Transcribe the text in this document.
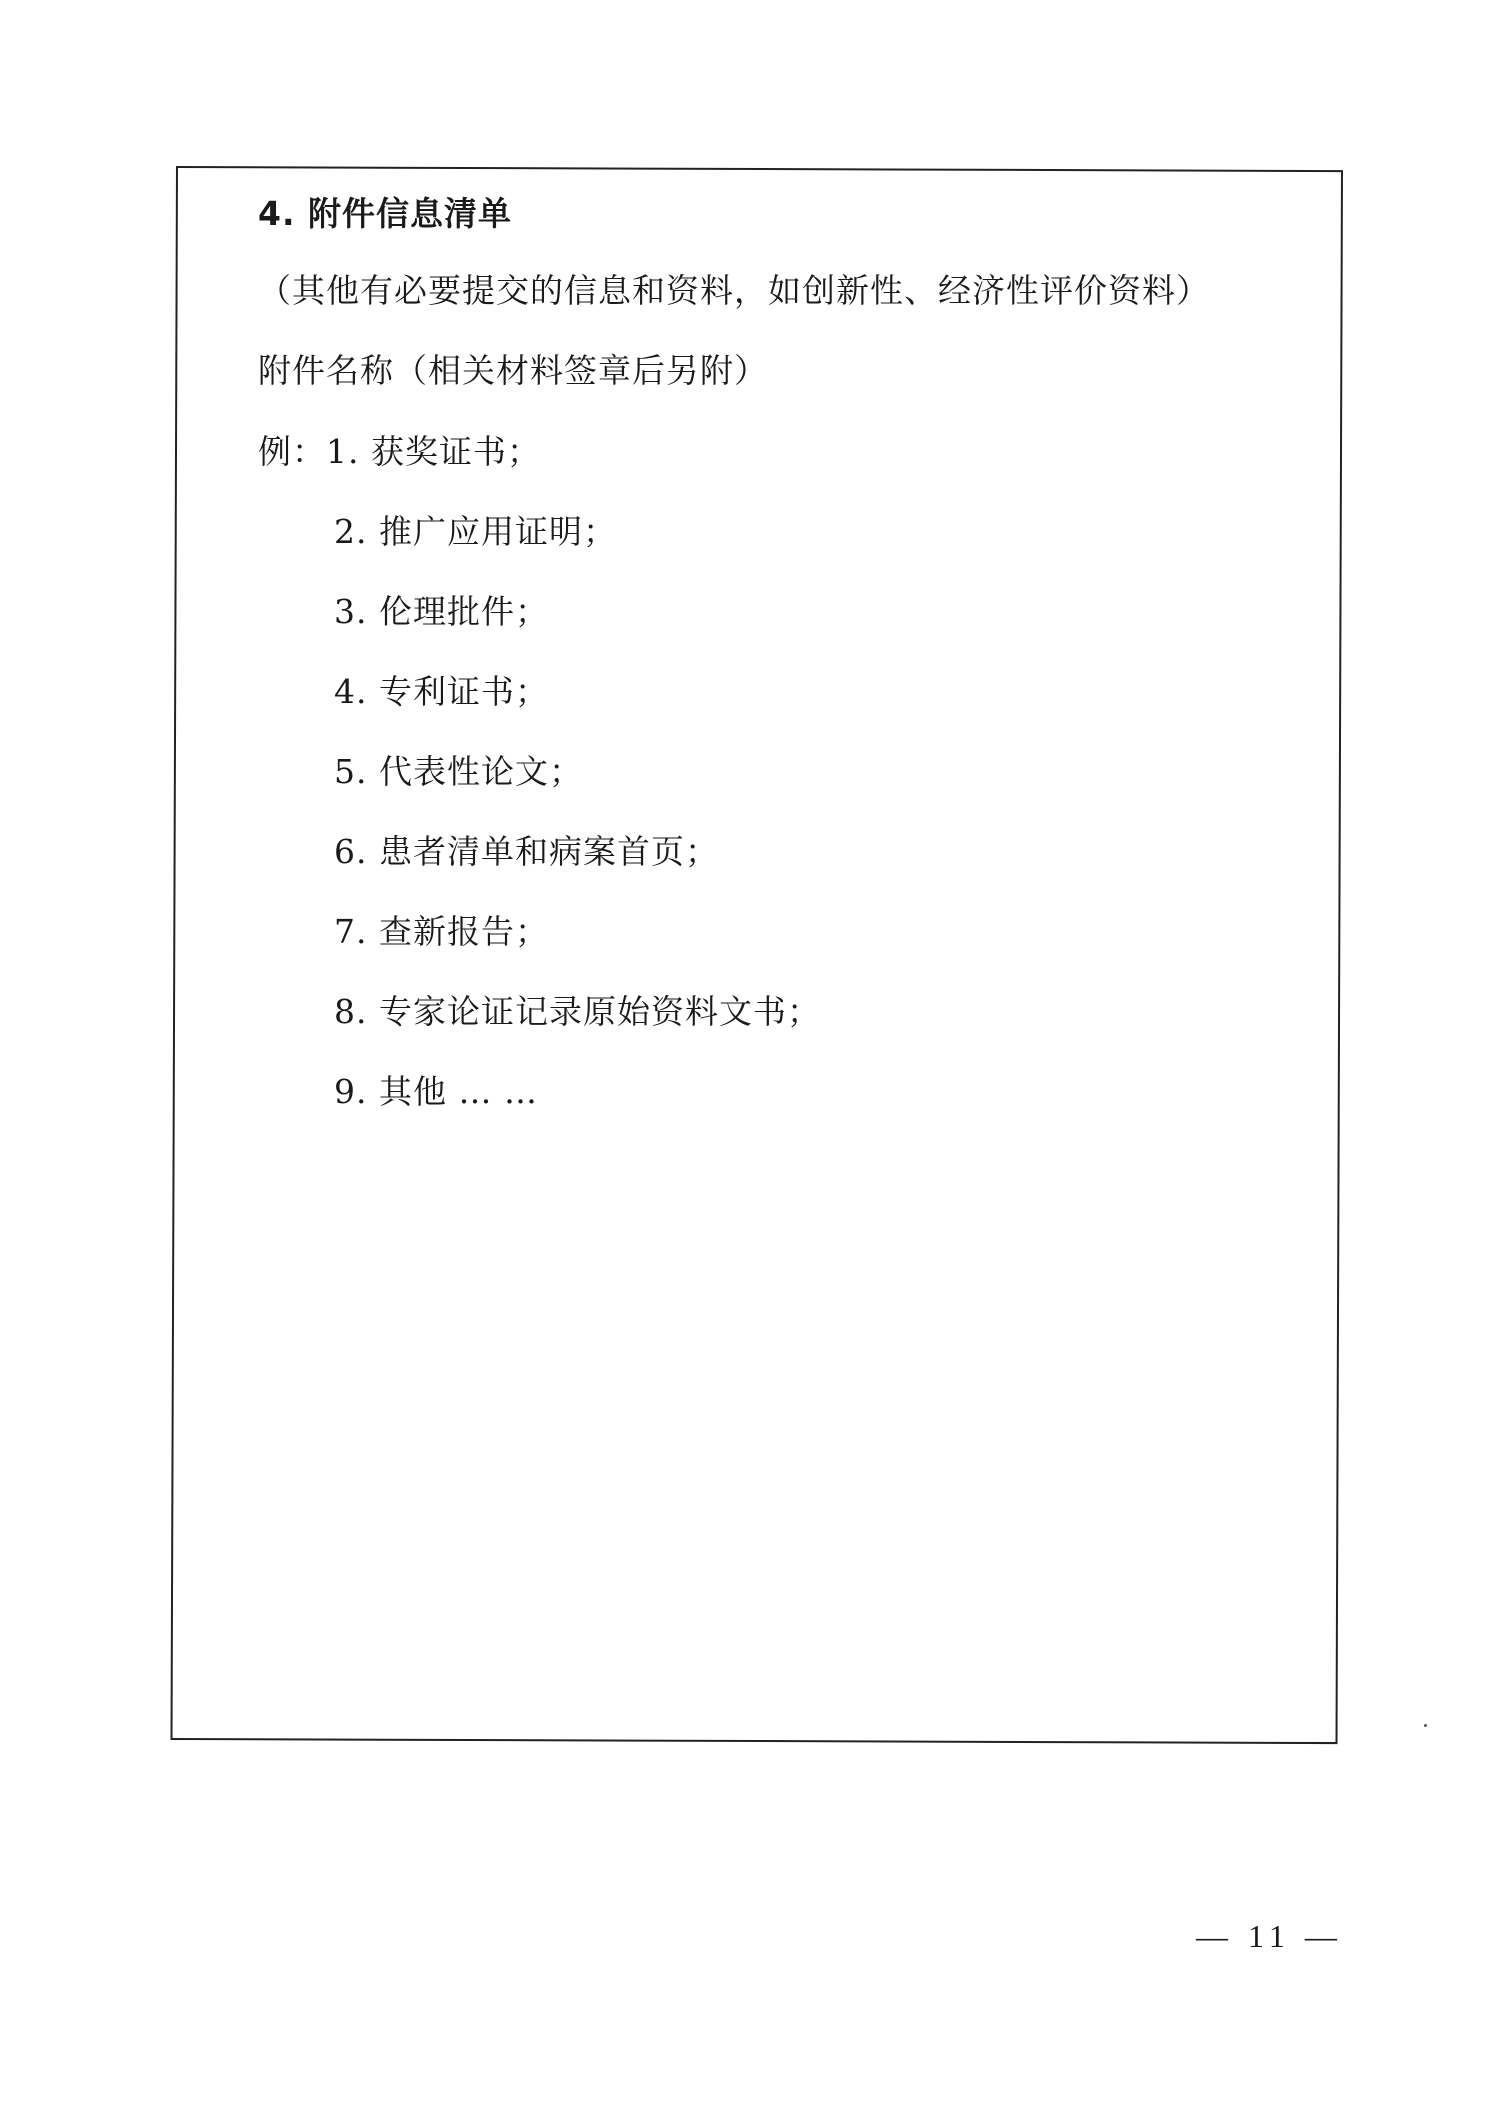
4. 附件信息清单
（其他有必要提交的信息和资料，如创新性、经济性评价资料）
附件名称（相关材料签章后另附）
例：1. 获奖证书；
2. 推广应用证明；
3. 伦理批件；
4. 专利证书；
5. 代表性论文；
6. 患者清单和病案首页；
7. 查新报告；
8. 专家论证记录原始资料文书；
9. 其他 … …
— 11 —
